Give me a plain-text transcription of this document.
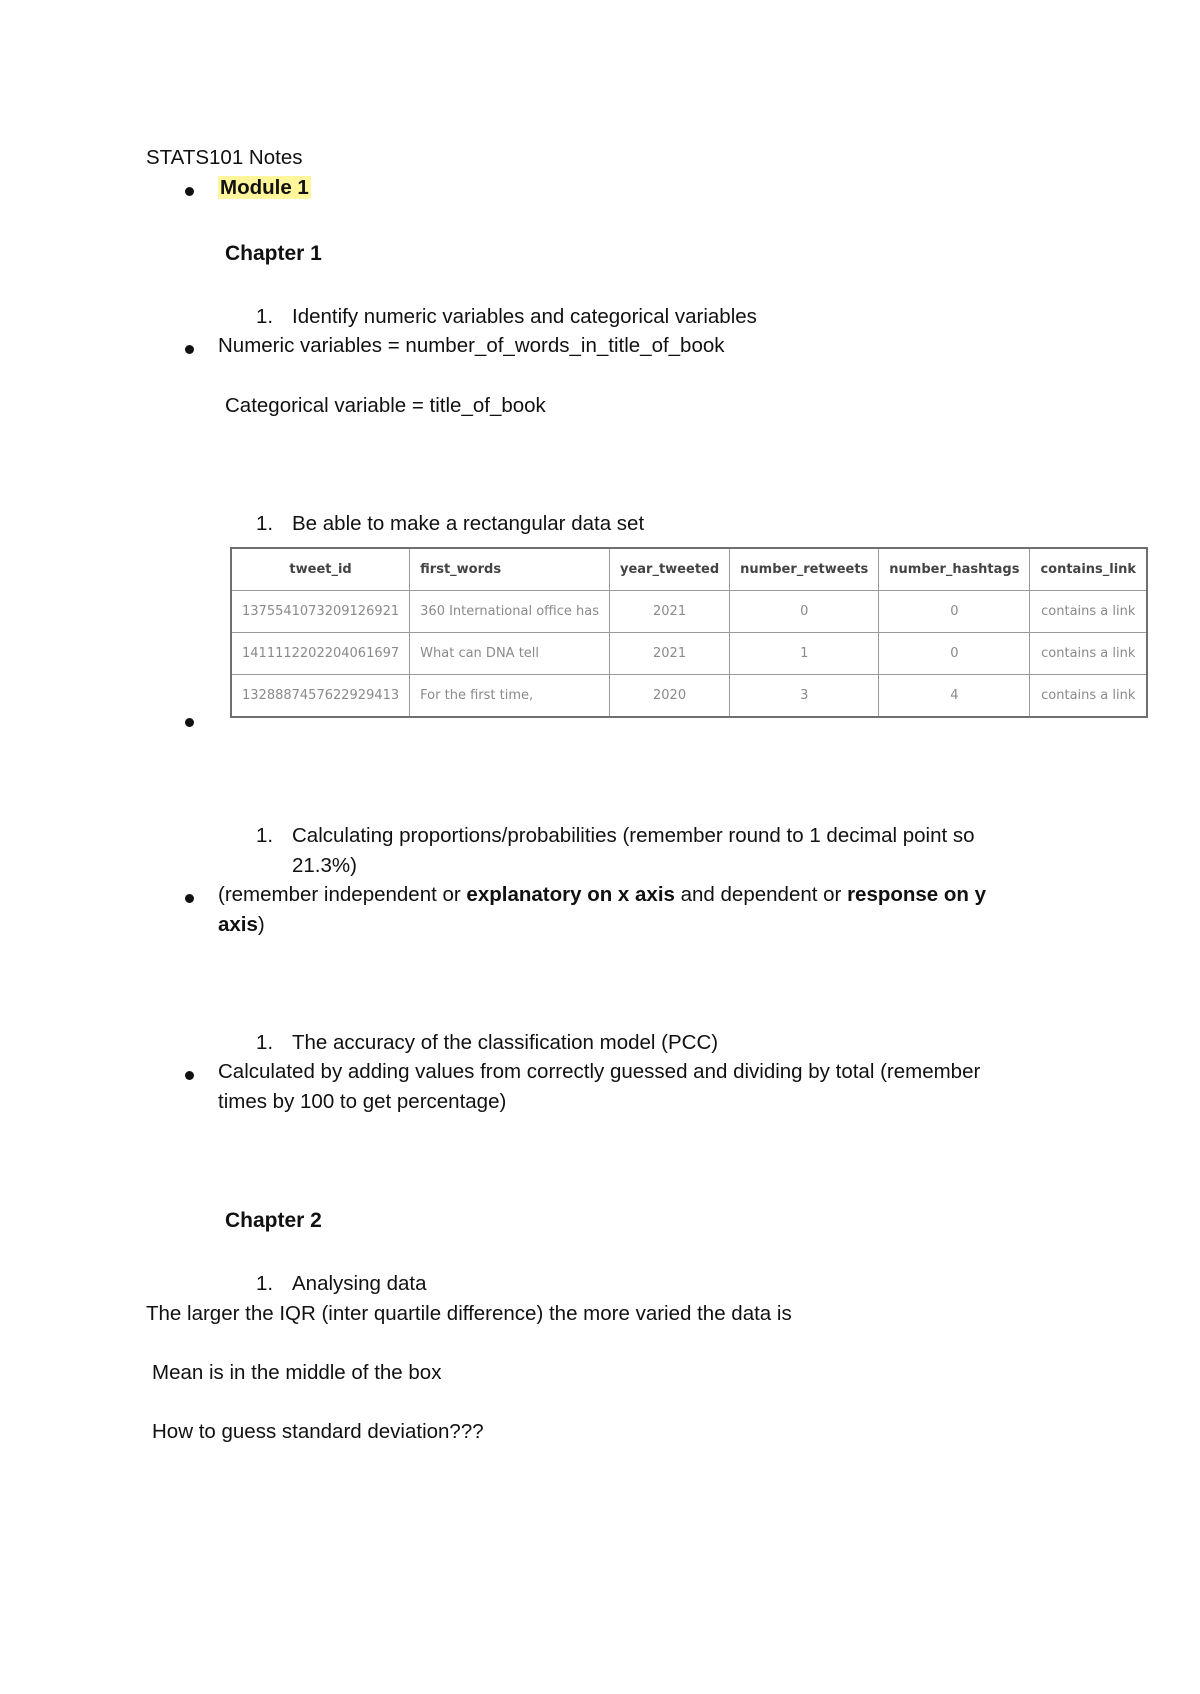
STATS101 Notes
Module 1
Chapter 1
1. Identify numeric variables and categorical variables
Numeric variables = number_of_words_in_title_of_book
Categorical variable = title_of_book
1. Be able to make a rectangular data set
tweet_id	first_words	year_tweeted	number_retweets	number_hashtags	contains_link
1375541073209126921	360 International office has	2021	0	0	contains a link
1411112202204061697	What can DNA tell	2021	1	0	contains a link
1328887457622929413	For the first time,	2020	3	4	contains a link
1. Calculating proportions/probabilities (remember round to 1 decimal point so
21.3%)
(remember independent or explanatory on x axis and dependent or response on y
axis)
1. The accuracy of the classification model (PCC)
Calculated by adding values from correctly guessed and dividing by total (remember
times by 100 to get percentage)
Chapter 2
1. Analysing data
The larger the IQR (inter quartile difference) the more varied the data is
Mean is in the middle of the box
How to guess standard deviation???
